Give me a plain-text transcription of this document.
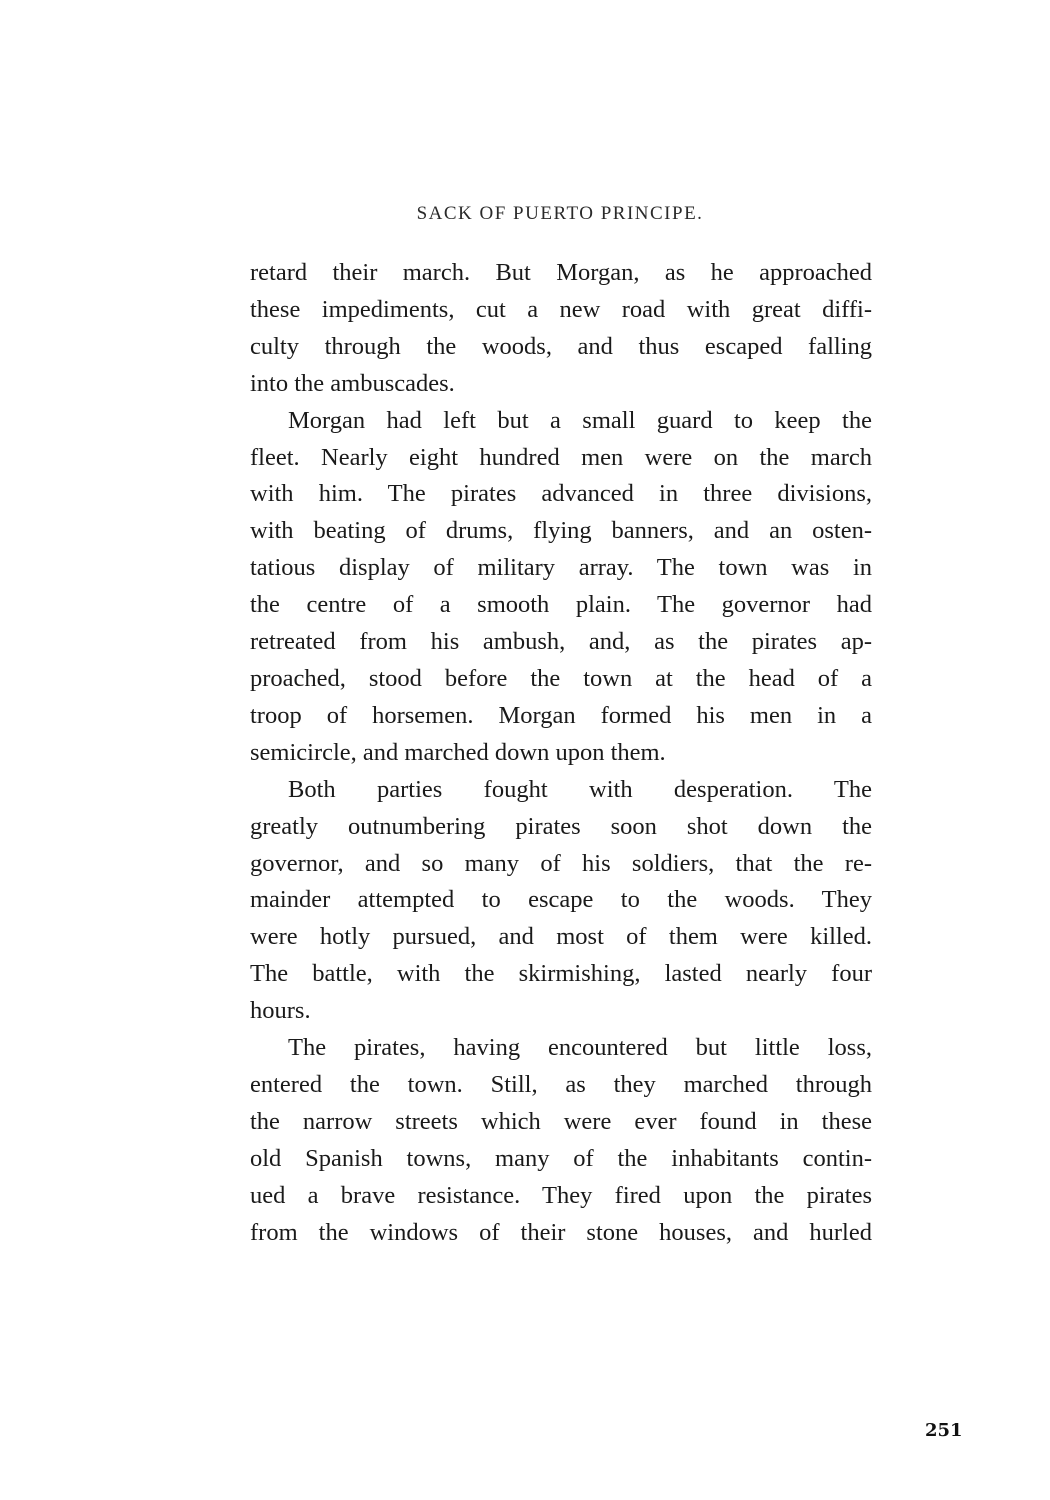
SACK OF PUERTO PRINCIPE.

retard their march. But Morgan, as he approached
these impediments, cut a new road with great diffi-
culty through the woods, and thus escaped falling
into the ambuscades.

Morgan had left but a small guard to keep the
fleet. Nearly eight hundred men were on the march
with him. The pirates advanced in three divisions,
with beating of drums, flying banners, and an osten-
tatious display of military array. The town was in
the centre of a smooth plain. The governor had
retreated from his ambush, and, as the pirates ap-
proached, stood before the town at the head of a
troop of horsemen. Morgan formed his men in a
semicircle, and marched down upon them.

Both parties fought with desperation. The
greatly outnumbering pirates soon shot down the
governor, and so many of his soldiers, that the re-
mainder attempted to escape to the woods. They
were hotly pursued, and most of them were killed.
The battle, with the skirmishing, lasted nearly four
hours.

The pirates, having encountered but little loss,
entered the town. Still, as they marched through
the narrow streets which were ever found in these
old Spanish towns, many of the inhabitants contin-
ued a brave resistance. They fired upon the pirates
from the windows of their stone houses, and hurled

251
